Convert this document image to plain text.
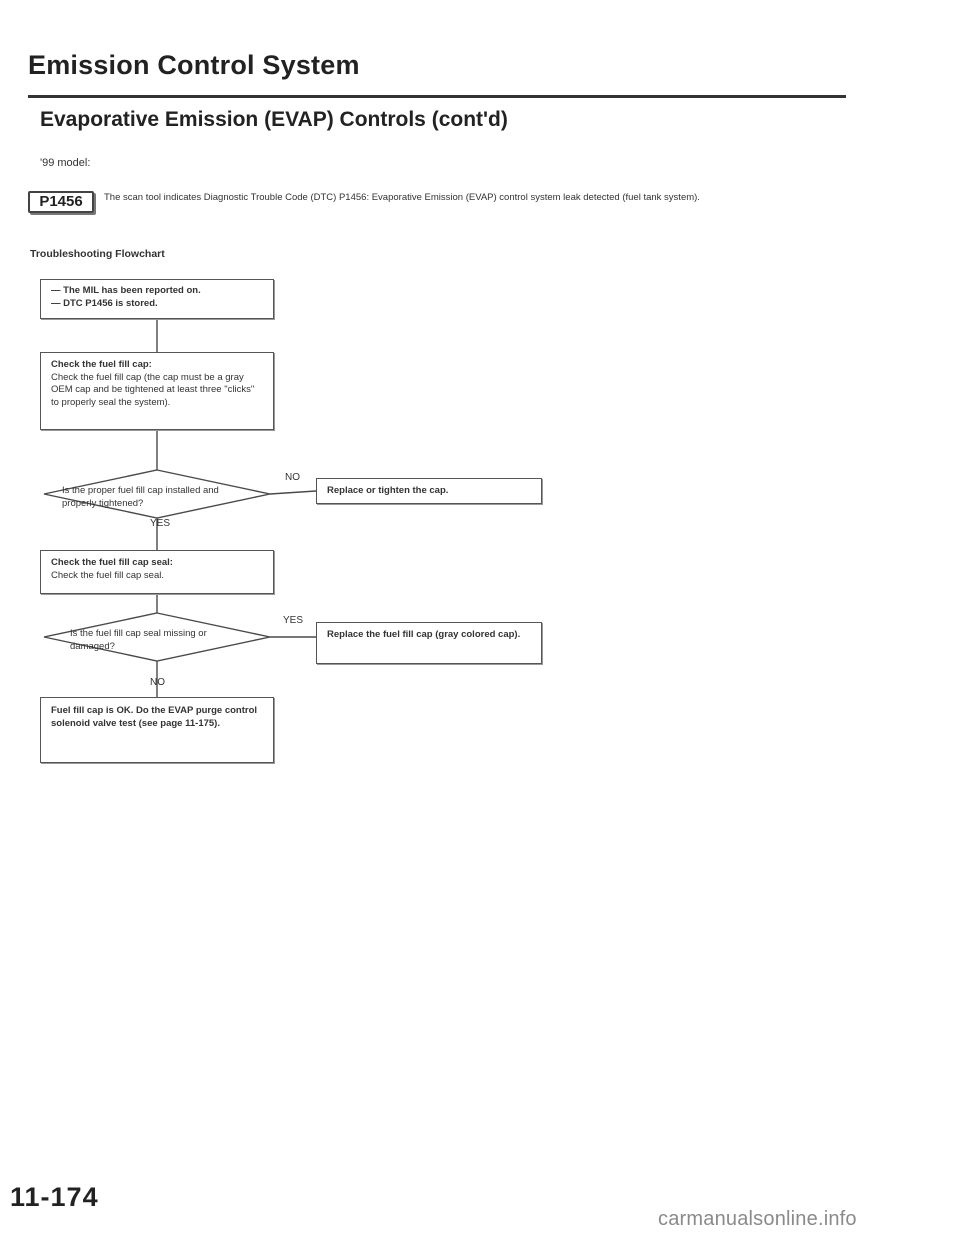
Emission Control System
Evaporative Emission (EVAP) Controls (cont'd)
'99 model:
P1456	The scan tool indicates Diagnostic Trouble Code (DTC) P1456: Evaporative Emission (EVAP) control system leak detected (fuel tank system).
Troubleshooting Flowchart
— The MIL has been reported on.
— DTC P1456 is stored.
Check the fuel fill cap:
Check the fuel fill cap (the cap must be a gray OEM cap and be tightened at least three "clicks" to properly seal the system).
Is the proper fuel fill cap installed and properly tightened?
NO
YES
Replace or tighten the cap.
Check the fuel fill cap seal:
Check the fuel fill cap seal.
Is the fuel fill cap seal missing or damaged?
YES
NO
Replace the fuel fill cap (gray colored cap).
Fuel fill cap is OK. Do the EVAP purge control solenoid valve test (see page 11-175).
11-174
carmanualsonline.info
